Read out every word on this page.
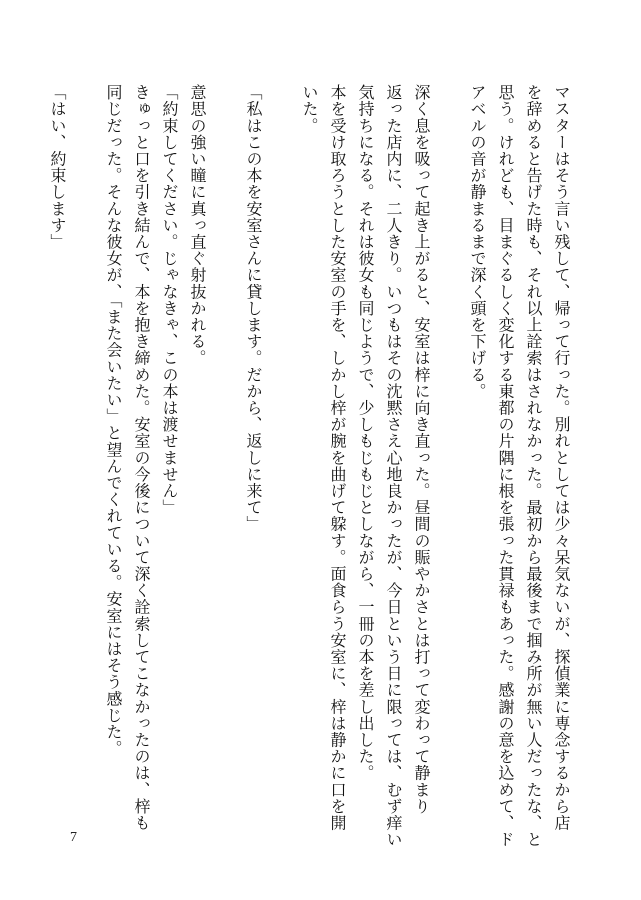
マスターはそう言い残して、帰って行った。別れとしては少々呆気ないが、探偵業に専念するから店
を辞めると告げた時も、それ以上詮索はされなかった。最初から最後まで掴み所が無い人だったな、と
思う。けれども、目まぐるしく変化する東都の片隅に根を張った貫禄もあった。感謝の意を込めて、ド
アベルの音が静まるまで深く頭を下げる。
深く息を吸って起き上がると、安室は梓に向き直った。昼間の賑やかさとは打って変わって静まり
返った店内に、二人きり。いつもはその沈黙さえ心地良かったが、今日という日に限っては、むず痒い
気持ちになる。それは彼女も同じようで、少しもじもじとしながら、一冊の本を差し出した。
本を受け取ろうとした安室の手を、しかし梓が腕を曲げて躱す。面食らう安室に、梓は静かに口を開
いた。
「私はこの本を安室さんに貸します。だから、返しに来て」
意思の強い瞳に真っ直ぐ射抜かれる。
「約束してください。じゃなきゃ、この本は渡せません」
きゅっと口を引き結んで、本を抱き締めた。安室の今後について深く詮索してこなかったのは、梓も
同じだった。そんな彼女が、「また会いたい」と望んでくれている。安室にはそう感じた。
「はい、約束します」
7
